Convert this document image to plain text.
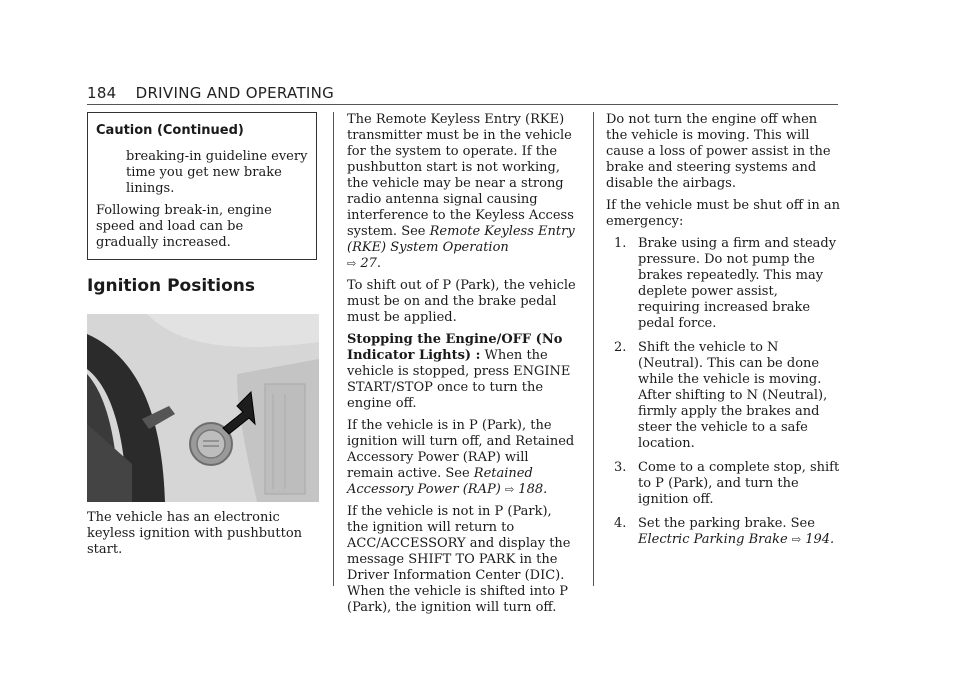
184 DRIVING AND OPERATING
Caution (Continued)

breaking-in guideline every time you get new brake linings.

Following break-in, engine speed and load can be gradually increased.

Ignition Positions

The vehicle has an electronic keyless ignition with pushbutton start.

The Remote Keyless Entry (RKE) transmitter must be in the vehicle for the system to operate. If the pushbutton start is not working, the vehicle may be near a strong radio antenna signal causing interference to the Keyless Access system. See Remote Keyless Entry (RKE) System Operation
⇨ 27.

To shift out of P (Park), the vehicle must be on and the brake pedal must be applied.

Stopping the Engine/OFF (No Indicator Lights) : When the vehicle is stopped, press ENGINE START/STOP once to turn the engine off.

If the vehicle is in P (Park), the ignition will turn off, and Retained Accessory Power (RAP) will remain active. See Retained Accessory Power (RAP) ⇨ 188.

If the vehicle is not in P (Park), the ignition will return to ACC/ACCESSORY and display the message SHIFT TO PARK in the Driver Information Center (DIC). When the vehicle is shifted into P (Park), the ignition will turn off.

Do not turn the engine off when the vehicle is moving. This will cause a loss of power assist in the brake and steering systems and disable the airbags.

If the vehicle must be shut off in an emergency:

1. Brake using a firm and steady pressure. Do not pump the brakes repeatedly. This may deplete power assist, requiring increased brake pedal force.
2. Shift the vehicle to N (Neutral). This can be done while the vehicle is moving. After shifting to N (Neutral), firmly apply the brakes and steer the vehicle to a safe location.
3. Come to a complete stop, shift to P (Park), and turn the ignition off.
4. Set the parking brake. See
Electric Parking Brake ⇨ 194.
